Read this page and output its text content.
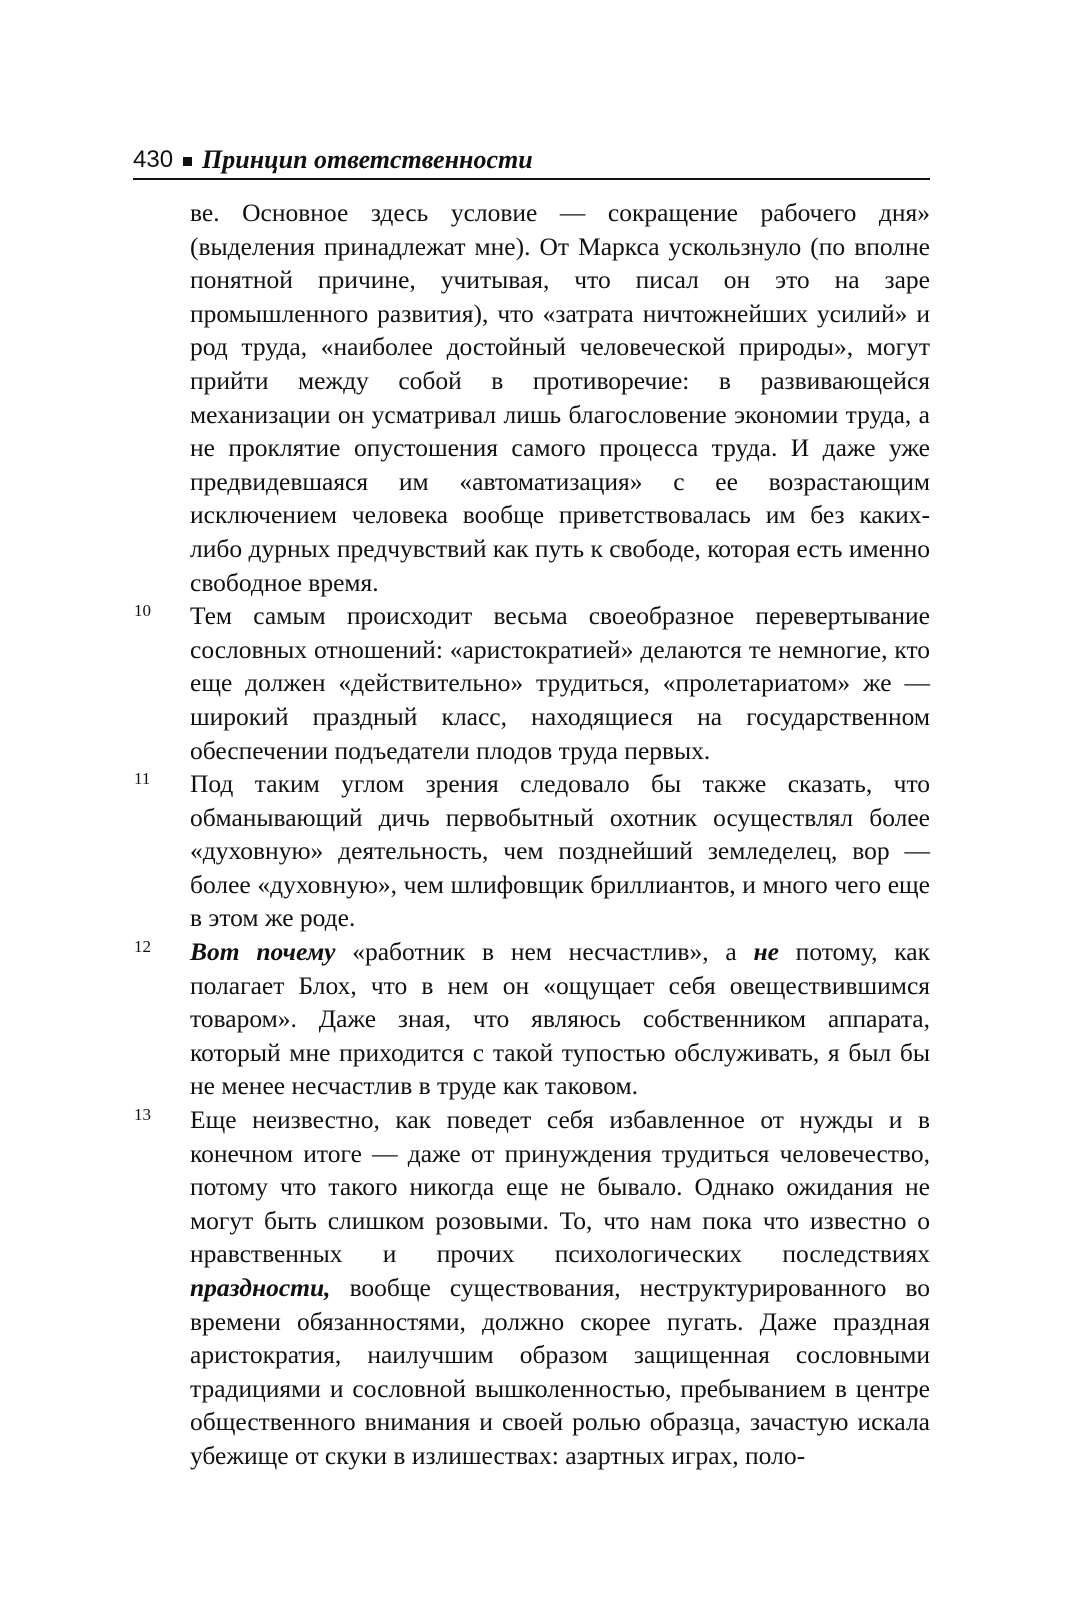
430 Принцип ответственности

ве. Основное здесь условие — сокращение рабочего дня» (выделения принадлежат мне). От Маркса ускользнуло (по вполне понятной причине, учитывая, что писал он это на заре промышленного развития), что «затрата ничтожнейших усилий» и род труда, «наиболее достойный человеческой природы», могут прийти между собой в противоречие: в развивающейся механизации он усматривал лишь благословение экономии труда, а не проклятие опустошения самого процесса труда. И даже уже предвидевшаяся им «автоматизация» с ее возрастающим исключением человека вообще приветствовалась им без каких-либо дурных предчувствий как путь к свободе, которая есть именно свободное время.

10	Тем самым происходит весьма своеобразное перевертывание сословных отношений: «аристократией» делаются те немногие, кто еще должен «действительно» трудиться, «пролетариатом» же — широкий праздный класс, находящиеся на государственном обеспечении подъедатели плодов труда первых.

11	Под таким углом зрения следовало бы также сказать, что обманывающий дичь первобытный охотник осуществлял более «духовную» деятельность, чем позднейший земледелец, вор — более «духовную», чем шлифовщик бриллиантов, и много чего еще в этом же роде.

12	Вот почему «работник в нем несчастлив», а не потому, как полагает Блох, что в нем он «ощущает себя овеществившимся товаром». Даже зная, что являюсь собственником аппарата, который мне приходится с такой тупостью обслуживать, я был бы не менее несчастлив в труде как таковом.

13	Еще неизвестно, как поведет себя избавленное от нужды и в конечном итоге — даже от принуждения трудиться человечество, потому что такого никогда еще не бывало. Однако ожидания не могут быть слишком розовыми. То, что нам пока что известно о нравственных и прочих психологических последствиях праздности, вообще существования, неструктурированного во времени обязанностями, должно скорее пугать. Даже праздная аристократия, наилучшим образом защищенная сословными традициями и сословной вышколенностью, пребыванием в центре общественного внимания и своей ролью образца, зачастую искала убежище от скуки в излишествах: азартных играх, поло-
